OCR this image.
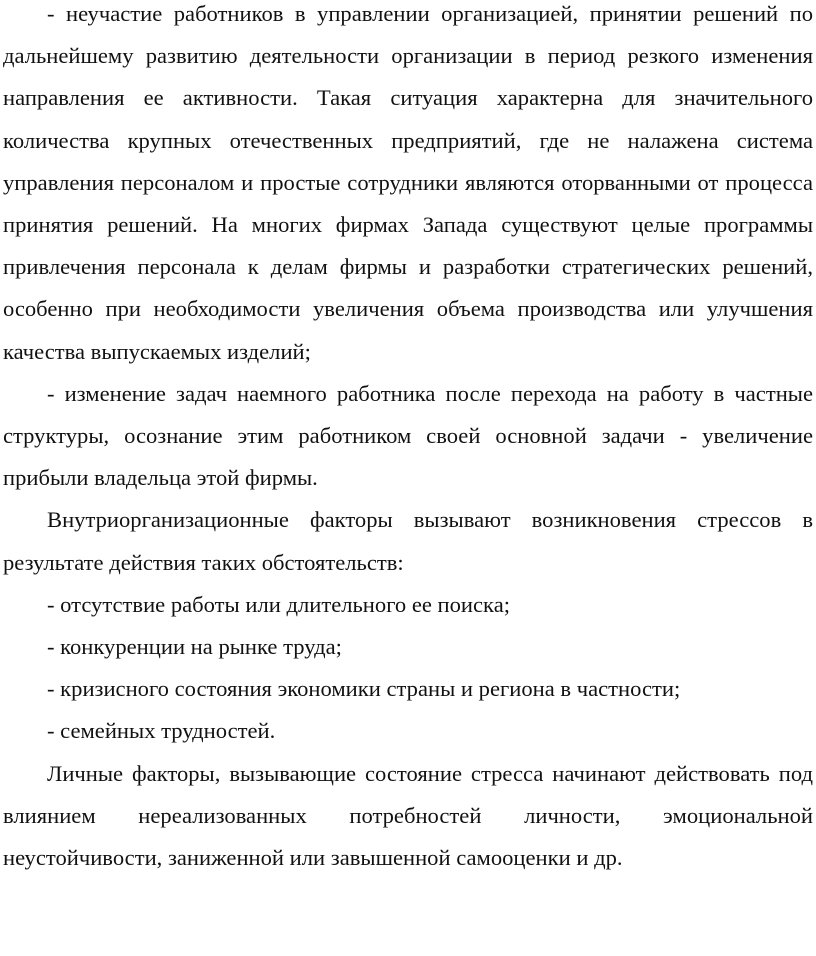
- неучастие работников в управлении организацией, принятии решений по дальнейшему развитию деятельности организации в период резкого изменения направления ее активности. Такая ситуация характерна для значительного количества крупных отечественных предприятий, где не налажена система управления персоналом и простые сотрудники являются оторванными от процесса принятия решений. На многих фирмах Запада существуют целые программы привлечения персонала к делам фирмы и разработки стратегических решений, особенно при необходимости увеличения объема производства или улучшения качества выпускаемых изделий;

- изменение задач наемного работника после перехода на работу в частные структуры, осознание этим работником своей основной задачи - увеличение прибыли владельца этой фирмы.

Внутриорганизационные факторы вызывают возникновения стрессов в результате действия таких обстоятельств:

- отсутствие работы или длительного ее поиска;

- конкуренции на рынке труда;

- кризисного состояния экономики страны и региона в частности;

- семейных трудностей.

Личные факторы, вызывающие состояние стресса начинают действовать под влиянием нереализованных потребностей личности, эмоциональной неустойчивости, заниженной или завышенной самооценки и др.
